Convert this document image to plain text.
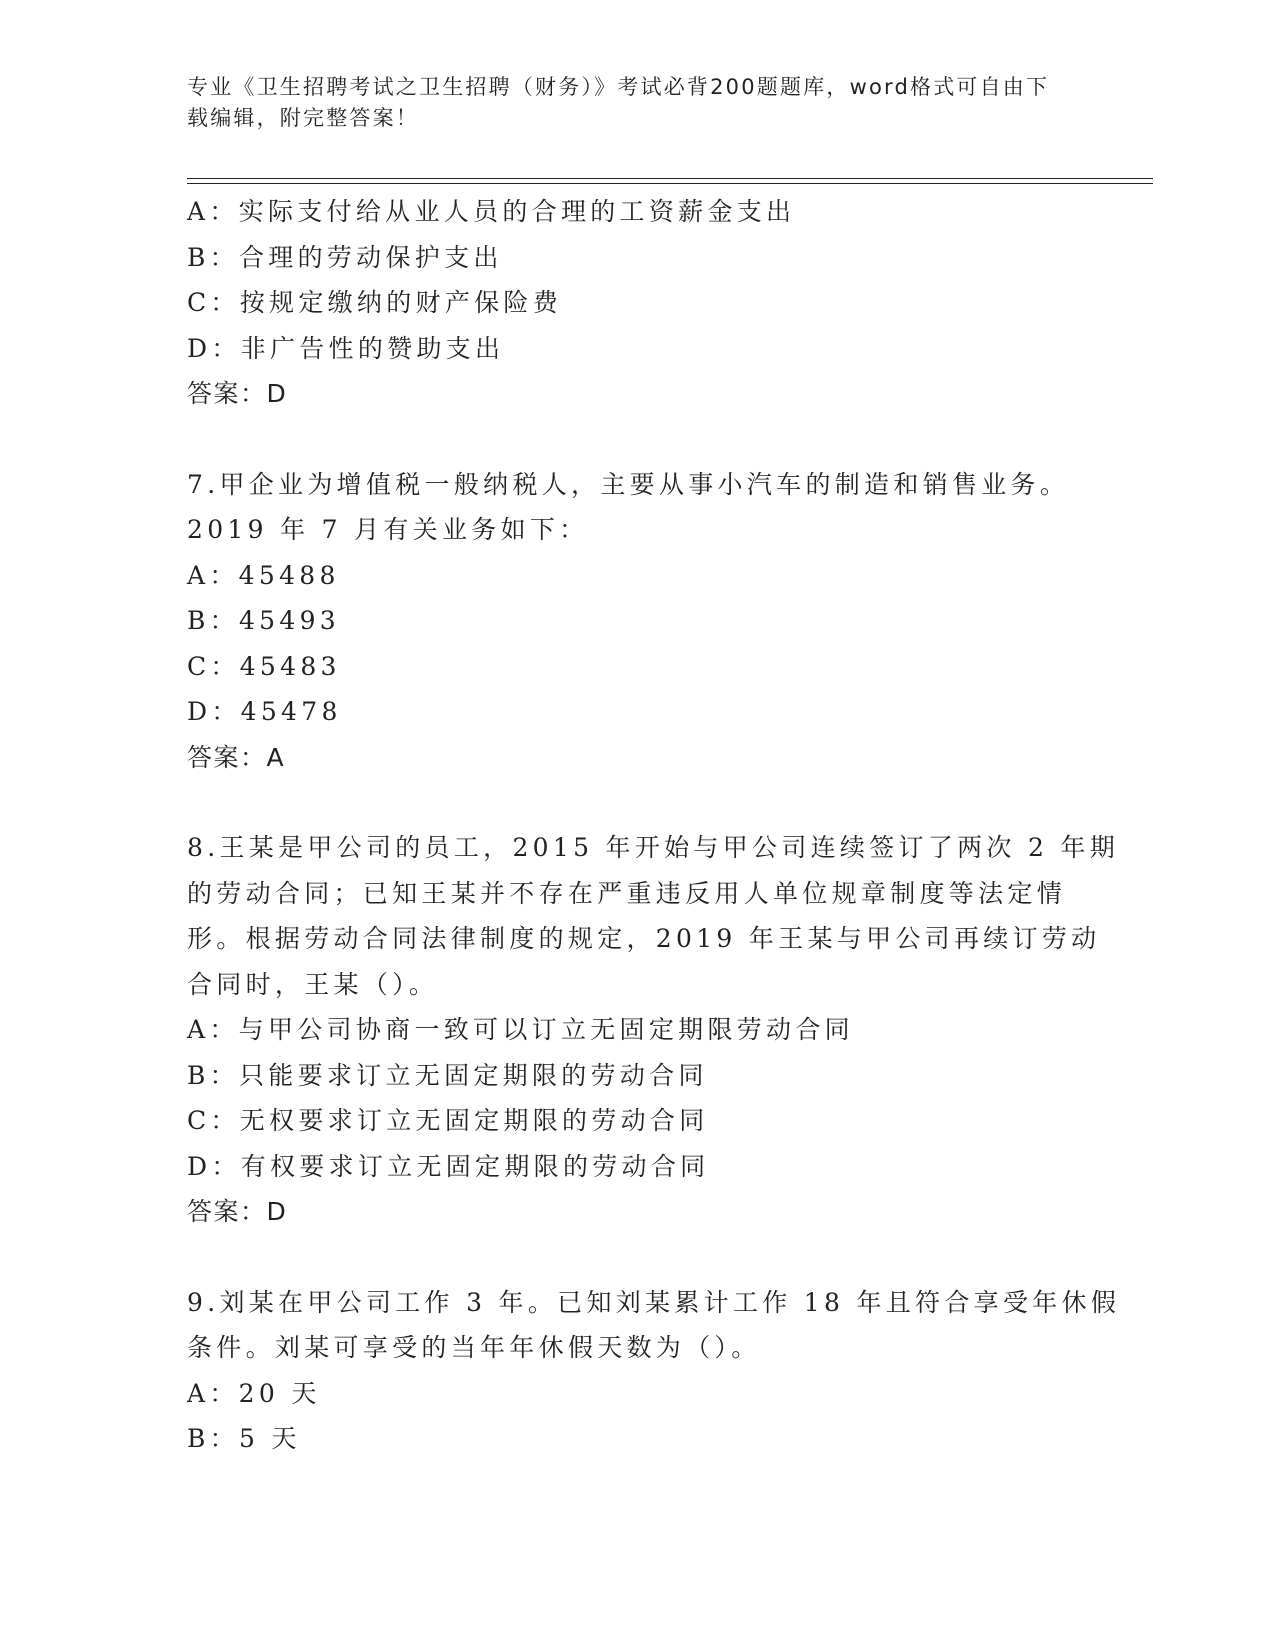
专业《卫生招聘考试之卫生招聘（财务）》考试必背200题题库，word格式可自由下载编辑，附完整答案！
A：实际支付给从业人员的合理的工资薪金支出
B：合理的劳动保护支出
C：按规定缴纳的财产保险费
D：非广告性的赞助支出
答案：D
7.甲企业为增值税一般纳税人，主要从事小汽车的制造和销售业务。
2019 年 7 月有关业务如下：
A：45488
B：45493
C：45483
D：45478
答案：A
8.王某是甲公司的员工，2015 年开始与甲公司连续签订了两次 2 年期
的劳动合同；已知王某并不存在严重违反用人单位规章制度等法定情
形。根据劳动合同法律制度的规定，2019 年王某与甲公司再续订劳动
合同时，王某（）。
A：与甲公司协商一致可以订立无固定期限劳动合同
B：只能要求订立无固定期限的劳动合同
C：无权要求订立无固定期限的劳动合同
D：有权要求订立无固定期限的劳动合同
答案：D
9.刘某在甲公司工作 3 年。已知刘某累计工作 18 年且符合享受年休假
条件。刘某可享受的当年年休假天数为（）。
A：20 天
B：5 天
